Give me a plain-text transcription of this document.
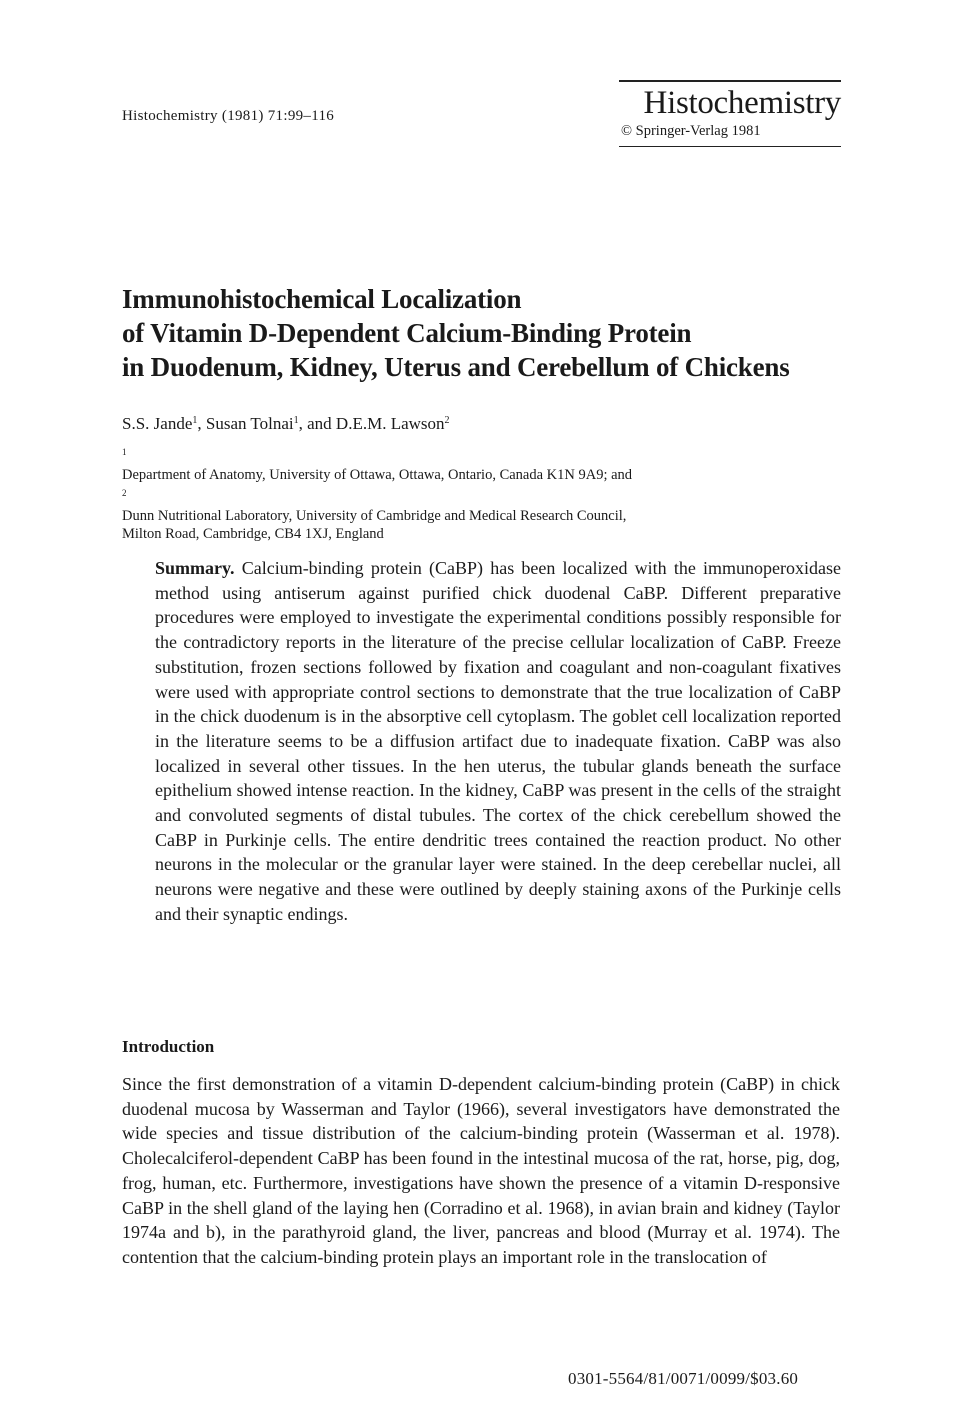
Histochemistry (1981) 71:99–116	Histochemistry
© Springer-Verlag 1981
Immunohistochemical Localization
of Vitamin D-Dependent Calcium-Binding Protein
in Duodenum, Kidney, Uterus and Cerebellum of Chickens
S.S. Jande$^1$, Susan Tolnai$^1$, and D.E.M. Lawson$^2$
$^1$
Department of Anatomy, University of Ottawa, Ottawa, Ontario, Canada K1N 9A9; and
$^2$
Dunn Nutritional Laboratory, University of Cambridge and Medical Research Council,
Milton Road, Cambridge, CB4 1XJ, England
Summary. Calcium-binding protein (CaBP) has been localized with the immunoperoxidase method using antiserum against purified chick duodenal CaBP. Different preparative procedures were employed to investigate the experimental conditions possibly responsible for the contradictory reports in the literature of the precise cellular localization of CaBP. Freeze substitution, frozen sections followed by fixation and coagulant and non-coagulant fixatives were used with appropriate control sections to demonstrate that the true localization of CaBP in the chick duodenum is in the absorptive cell cytoplasm. The goblet cell localization reported in the literature seems to be a diffusion artifact due to inadequate fixation. CaBP was also localized in several other tissues. In the hen uterus, the tubular glands beneath the surface epithelium showed intense reaction. In the kidney, CaBP was present in the cells of the straight and convoluted segments of distal tubules. The cortex of the chick cerebellum showed the CaBP in Purkinje cells. The entire dendritic trees contained the reaction product. No other neurons in the molecular or the granular layer were stained. In the deep cerebellar nuclei, all neurons were negative and these were outlined by deeply staining axons of the Purkinje cells and their synaptic endings.
Introduction
Since the first demonstration of a vitamin D-dependent calcium-binding protein (CaBP) in chick duodenal mucosa by Wasserman and Taylor (1966), several investigators have demonstrated the wide species and tissue distribution of the calcium-binding protein (Wasserman et al. 1978). Cholecalciferol-dependent CaBP has been found in the intestinal mucosa of the rat, horse, pig, dog, frog, human, etc. Furthermore, investigations have shown the presence of a vitamin D-responsive CaBP in the shell gland of the laying hen (Corradino et al. 1968), in avian brain and kidney (Taylor 1974a and b), in the parathyroid gland, the liver, pancreas and blood (Murray et al. 1974). The contention that the calcium-binding protein plays an important role in the translocation of
0301-5564/81/0071/0099/$03.60
